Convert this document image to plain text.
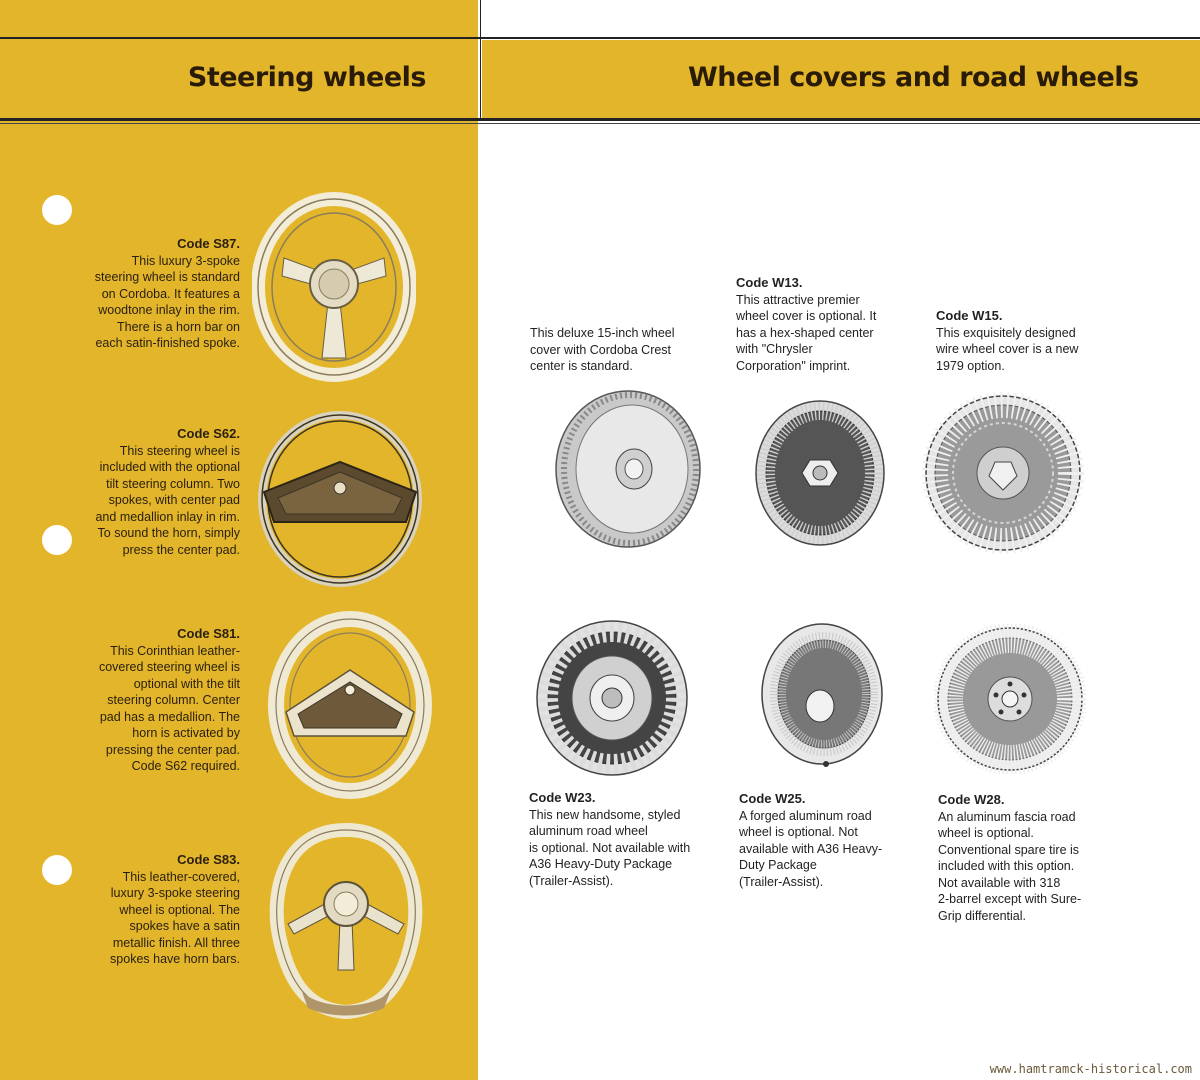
Steering wheels	Wheel covers and road wheels
Code S87.
This luxury 3-spoke
steering wheel is standard
on Cordoba. It features a
woodtone inlay in the rim.
There is a horn bar on
each satin-finished spoke.
Code S62.
This steering wheel is
included with the optional
tilt steering column. Two
spokes, with center pad
and medallion inlay in rim.
To sound the horn, simply
press the center pad.
Code S81.
This Corinthian leather-
covered steering wheel is
optional with the tilt
steering column. Center
pad has a medallion. The
horn is activated by
pressing the center pad.
Code S62 required.
Code S83.
This leather-covered,
luxury 3-spoke steering
wheel is optional. The
spokes have a satin
metallic finish. All three
spokes have horn bars.
This deluxe 15-inch wheel
cover with Cordoba Crest
center is standard.
Code W13.
This attractive premier
wheel cover is optional. It
has a hex-shaped center
with "Chrysler
Corporation" imprint.
Code W15.
This exquisitely designed
wire wheel cover is a new
1979 option.
Code W23.
This new handsome, styled
aluminum road wheel
is optional. Not available with
A36 Heavy-Duty Package
(Trailer-Assist).
Code W25.
A forged aluminum road
wheel is optional. Not
available with A36 Heavy-
Duty Package
(Trailer-Assist).
Code W28.
An aluminum fascia road
wheel is optional.
Conventional spare tire is
included with this option.
Not available with 318
2-barrel except with Sure-
Grip differential.
www.hamtramck-historical.com
